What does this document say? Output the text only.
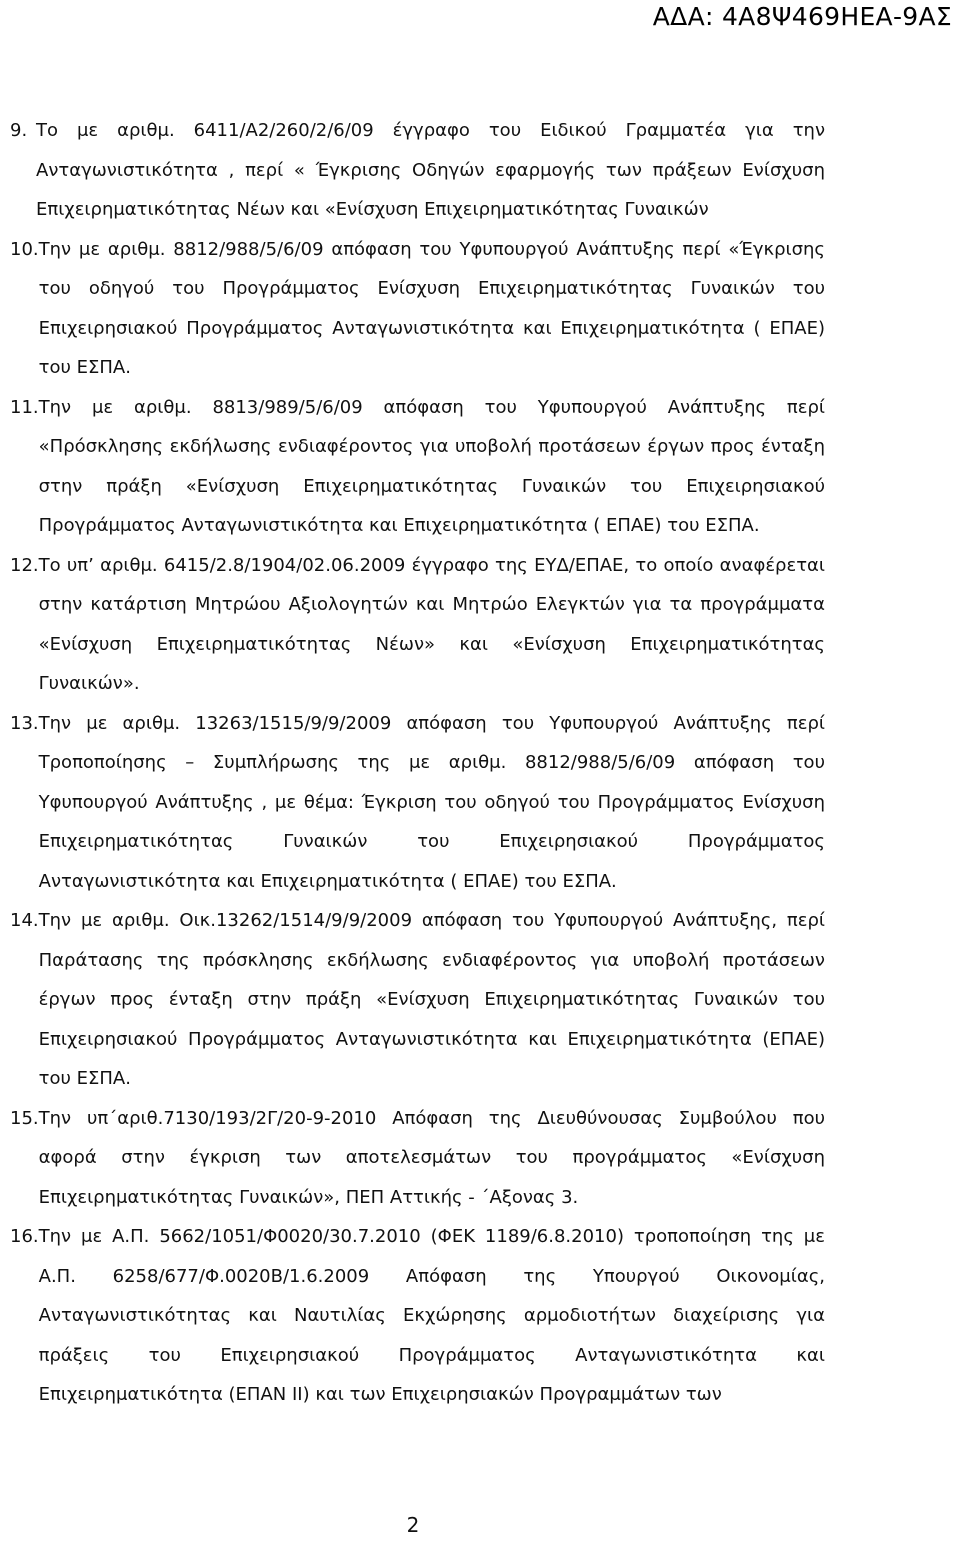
ΑΔΑ: 4Α8Ψ469ΗΕΑ-9ΑΣ
9. Το με αριθμ. 6411/Α2/260/2/6/09 έγγραφο του Ειδικού Γραμματέα για την Ανταγωνιστικότητα , περί « Έγκρισης Οδηγών εφαρμογής των πράξεων Ενίσχυση Επιχειρηματικότητας Νέων και «Ενίσχυση Επιχειρηματικότητας Γυναικών
10. Την με αριθμ. 8812/988/5/6/09 απόφαση του Υφυπουργού Ανάπτυξης περί «Έγκρισης του οδηγού του Προγράμματος Ενίσχυση Επιχειρηματικότητας Γυναικών του Επιχειρησιακού Προγράμματος Ανταγωνιστικότητα και Επιχειρηματικότητα ( ΕΠΑΕ) του ΕΣΠΑ.
11. Την με αριθμ. 8813/989/5/6/09 απόφαση του Υφυπουργού Ανάπτυξης περί «Πρόσκλησης εκδήλωσης ενδιαφέροντος για υποβολή προτάσεων έργων προς ένταξη στην πράξη «Ενίσχυση Επιχειρηματικότητας Γυναικών του Επιχειρησιακού Προγράμματος Ανταγωνιστικότητα και Επιχειρηματικότητα ( ΕΠΑΕ) του ΕΣΠΑ.
12. Το υπ’ αριθμ. 6415/2.8/1904/02.06.2009 έγγραφο της ΕΥΔ/ΕΠΑΕ, το οποίο αναφέρεται στην κατάρτιση Μητρώου Αξιολογητών και Μητρώο Ελεγκτών για τα προγράμματα «Ενίσχυση Επιχειρηματικότητας Νέων» και «Ενίσχυση Επιχειρηματικότητας Γυναικών».
13. Την με αριθμ. 13263/1515/9/9/2009 απόφαση του Υφυπουργού Ανάπτυξης περί Τροποποίησης – Συμπλήρωσης της με αριθμ. 8812/988/5/6/09 απόφαση του Υφυπουργού Ανάπτυξης , με θέμα: Έγκριση του οδηγού του Προγράμματος Ενίσχυση Επιχειρηματικότητας Γυναικών του Επιχειρησιακού Προγράμματος Ανταγωνιστικότητα και Επιχειρηματικότητα ( ΕΠΑΕ) του ΕΣΠΑ.
14. Την με αριθμ. Οικ.13262/1514/9/9/2009 απόφαση του Υφυπουργού Ανάπτυξης, περί Παράτασης της πρόσκλησης εκδήλωσης ενδιαφέροντος για υποβολή προτάσεων έργων προς ένταξη στην πράξη «Ενίσχυση Επιχειρηματικότητας Γυναικών του Επιχειρησιακού Προγράμματος Ανταγωνιστικότητα και Επιχειρηματικότητα (ΕΠΑΕ) του ΕΣΠΑ.
15. Την υπ΄αριθ.7130/193/2Γ/20-9-2010 Απόφαση της Διευθύνουσας Συμβούλου που αφορά στην έγκριση των αποτελεσμάτων του προγράμματος «Ενίσχυση Επιχειρηματικότητας Γυναικών», ΠΕΠ Αττικής - ΄Αξονας 3.
16. Την με Α.Π. 5662/1051/Φ0020/30.7.2010 (ΦΕΚ 1189/6.8.2010) τροποποίηση της με Α.Π. 6258/677/Φ.0020Β/1.6.2009 Απόφαση της Υπουργού Οικονομίας, Ανταγωνιστικότητας και Ναυτιλίας Εκχώρησης αρμοδιοτήτων διαχείρισης για πράξεις του Επιχειρησιακού Προγράμματος Ανταγωνιστικότητα και Επιχειρηματικότητα (ΕΠΑΝ ΙΙ) και των Επιχειρησιακών Προγραμμάτων των
2
